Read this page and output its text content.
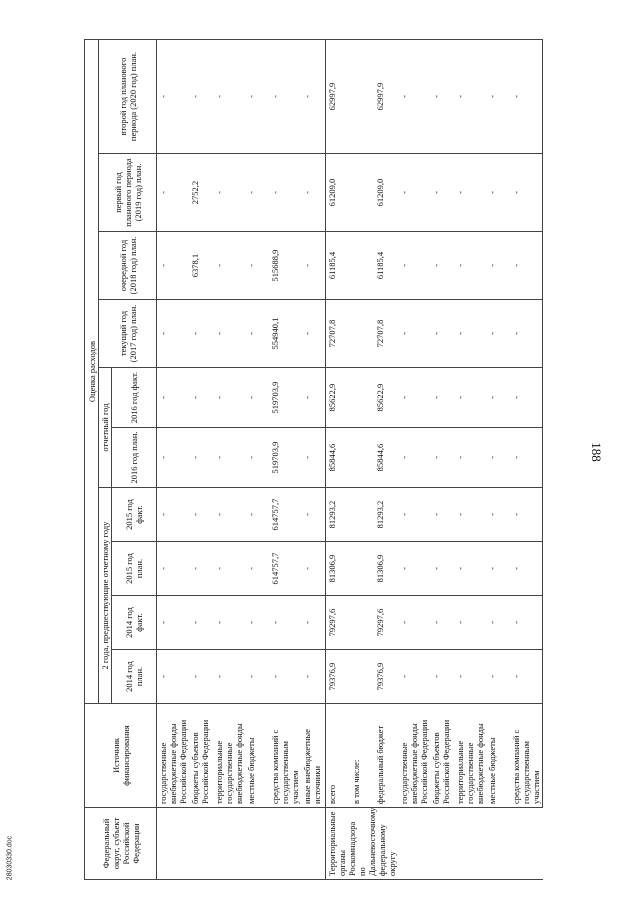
188
28030330.doc	Федеральный округ, субъект Российской Федерации	Источник финансирования	Оценка расходов									
		2 года, предшествующие отчетному году				отчетный год		текущий год (2017 год) план.	очередной год (2018 год) план.	первый год планового периода (2019 год) план.	второй год планового периода (2020 год) план.
		2014 год план.	2014 год факт.	2015 год план.	2015 год факт.	2016 год план.	2016 год факт.				
	государственные внебюджетные фонды Российской Федерации	-	-	-	-	-	-	-	-	-	-
	бюджеты субъектов Российской Федерации	-	-	-	-	-	-	-	6378,1	2752,2	-
	территориальные государственные внебюджетные фонды	-	-	-	-	-	-	-	-	-	-
	местные бюджеты	-	-	-	-	-	-	-	-	-	-
	средства компаний с государственным участием	-	-	614757,7	614757,7	519703,9	519703,9	554940,1	515688,9	-	-
	иные внебюджетные источники	-	-	-	-	-	-	-	-	-	-
Территориальные органы Роскомнадзора по Дальневосточному федеральному округу	всего	79376,9	79297,6	81306,9	81293,2	85844,6	85622,9	72707,8	61185,4	61209,0	62997,9
	в том числе:										
	федеральный бюджет	79376,9	79297,6	81306,9	81293,2	85844,6	85622,9	72707,8	61185,4	61209,0	62997,9
	государственные внебюджетные фонды Российской Федерации	-	-	-	-	-	-	-	-	-	-
	бюджеты субъектов Российской Федерации	-	-	-	-	-	-	-	-	-	-
	территориальные государственные внебюджетные фонды	-	-	-	-	-	-	-	-	-	-
	местные бюджеты	-	-	-	-	-	-	-	-	-	-
	средства компаний с государственным участием	-	-	-	-	-	-	-	-	-	-
